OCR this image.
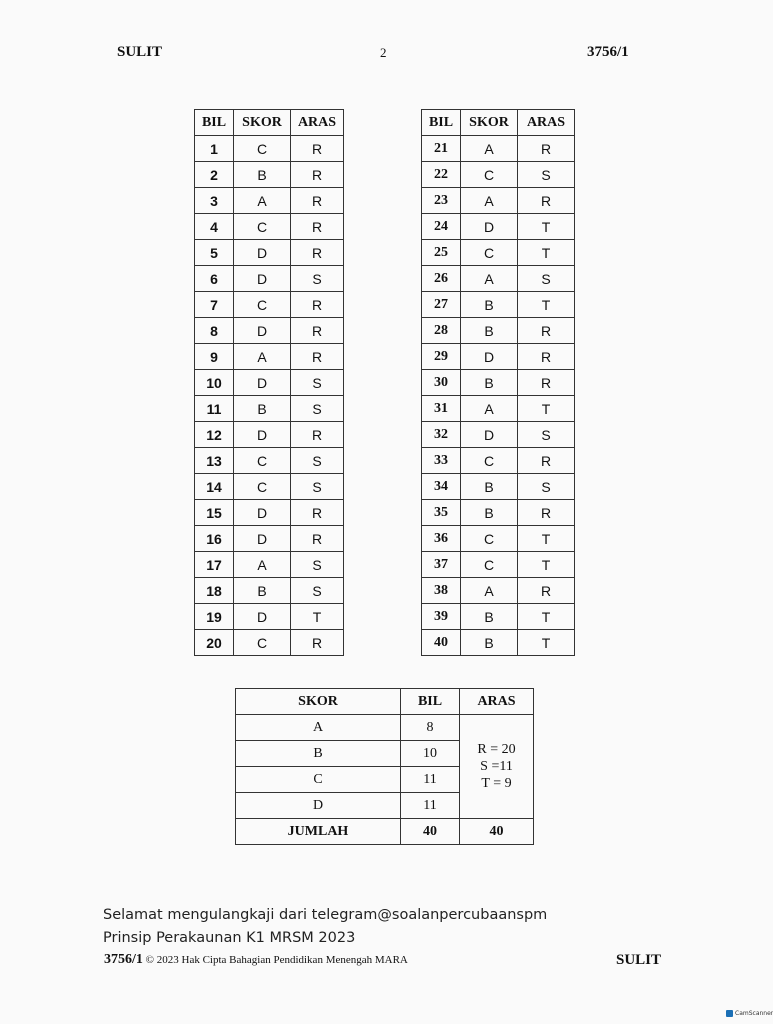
SULIT	2	3756/1
BIL	SKOR	ARAS
1	C	R
2	B	R
3	A	R
4	C	R
5	D	R
6	D	S
7	C	R
8	D	R
9	A	R
10	D	S
11	B	S
12	D	R
13	C	S
14	C	S
15	D	R
16	D	R
17	A	S
18	B	S
19	D	T
20	C	R
BIL	SKOR	ARAS
21	A	R
22	C	S
23	A	R
24	D	T
25	C	T
26	A	S
27	B	T
28	B	R
29	D	R
30	B	R
31	A	T
32	D	S
33	C	R
34	B	S
35	B	R
36	C	T
37	C	T
38	A	R
39	B	T
40	B	T
SKOR	BIL	ARAS
A	8	R = 20
S =11
T = 9

B	10	
C	11	
D	11	
JUMLAH	40	40
Selamat mengulangkaji dari telegram@soalanpercubaanspm
Prinsip Perakaunan K1 MRSM 2023
3756/1 © 2023 Hak Cipta Bahagian Pendidikan Menengah MARA	SULIT
CamScanner
